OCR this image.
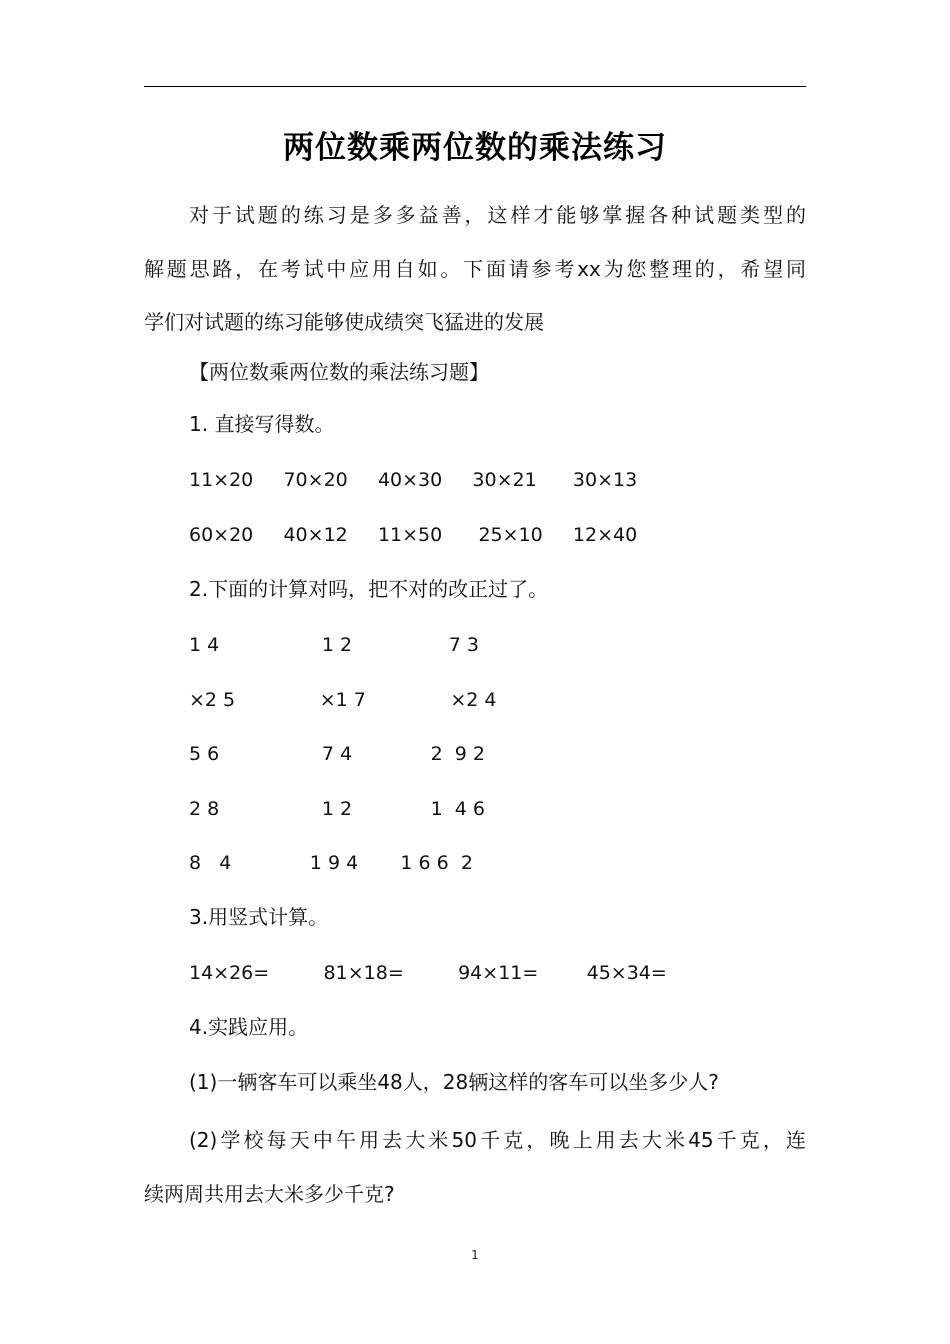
两位数乘两位数的乘法练习
对于试题的练习是多多益善，这样才能够掌握各种试题类型的
解题思路，在考试中应用自如。下面请参考xx为您整理的，希望同
学们对试题的练习能够使成绩突飞猛进的发展
【两位数乘两位数的乘法练习题】
1. 直接写得数。
11×20     70×20     40×30     30×21      30×13
60×20     40×12     11×50      25×10     12×40
2.下面的计算对吗，把不对的改正过了。
1 4                 1 2                7 3
×2 5              ×1 7              ×2 4
5 6                 7 4             2  9 2
2 8                 1 2             1  4 6
8   4             1 9 4       1 6 6  2
3.用竖式计算。
14×26=         81×18=         94×11=        45×34=
4.实践应用。
(1)一辆客车可以乘坐48人，28辆这样的客车可以坐多少人?
(2)学校每天中午用去大米50千克，晚上用去大米45千克，连
续两周共用去大米多少千克?
1
